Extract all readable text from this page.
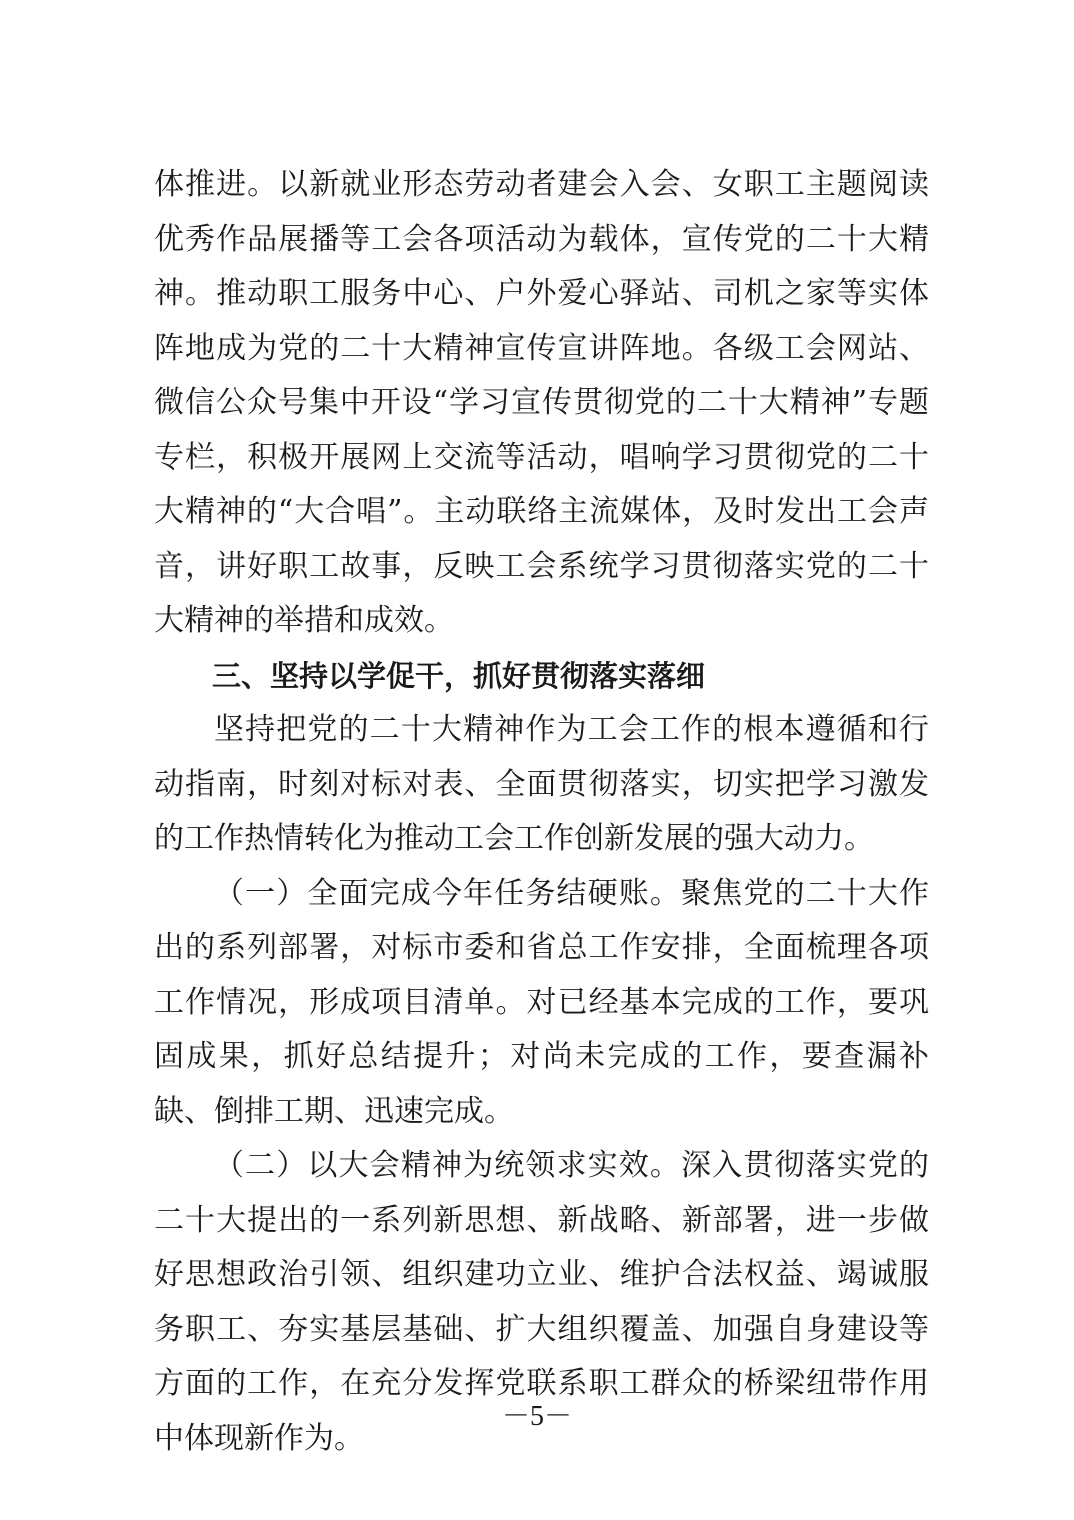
体推进。以新就业形态劳动者建会入会、女职工主题阅读优秀作品展播等工会各项活动为载体，宣传党的二十大精神。推动职工服务中心、户外爱心驿站、司机之家等实体阵地成为党的二十大精神宣传宣讲阵地。各级工会网站、微信公众号集中开设“学习宣传贯彻党的二十大精神”专题专栏，积极开展网上交流等活动，唱响学习贯彻党的二十大精神的“大合唱”。主动联络主流媒体，及时发出工会声音，讲好职工故事，反映工会系统学习贯彻落实党的二十大精神的举措和成效。

三、坚持以学促干，抓好贯彻落实落细

坚持把党的二十大精神作为工会工作的根本遵循和行动指南，时刻对标对表、全面贯彻落实，切实把学习激发的工作热情转化为推动工会工作创新发展的强大动力。

（一）全面完成今年任务结硬账。聚焦党的二十大作出的系列部署，对标市委和省总工作安排，全面梳理各项工作情况，形成项目清单。对已经基本完成的工作，要巩固成果，抓好总结提升；对尚未完成的工作，要查漏补缺、倒排工期、迅速完成。

（二）以大会精神为统领求实效。深入贯彻落实党的二十大提出的一系列新思想、新战略、新部署，进一步做好思想政治引领、组织建功立业、维护合法权益、竭诚服务职工、夯实基层基础、扩大组织覆盖、加强自身建设等方面的工作，在充分发挥党联系职工群众的桥梁纽带作用中体现新作为。

－5－
